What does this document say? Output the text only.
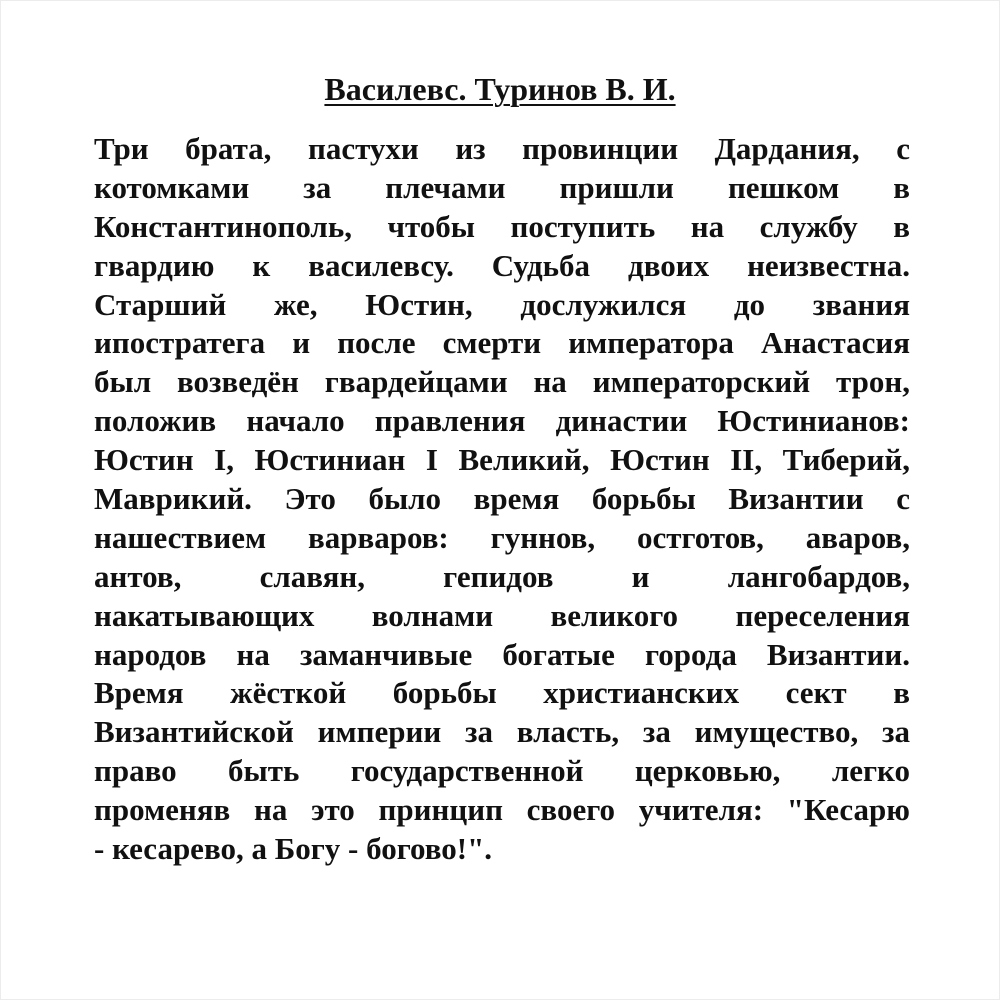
Василевс. Туринов В. И.
Три брата, пастухи из провинции Дардания, с
котомками за плечами пришли пешком в
Константинополь, чтобы поступить на службу в
гвардию к василевсу. Судьба двоих неизвестна.
Старший же, Юстин, дослужился до звания
ипостратега и после смерти императора Анастасия
был возведён гвардейцами на императорский трон,
положив начало правления династии Юстинианов:
Юстин I, Юстиниан I Великий, Юстин II, Тиберий,
Маврикий. Это было время борьбы Византии с
нашествием варваров: гуннов, остготов, аваров,
антов, славян, гепидов и лангобардов,
накатывающих волнами великого переселения
народов на заманчивые богатые города Византии.
Время жёсткой борьбы христианских сект в
Византийской империи за власть, за имущество, за
право быть государственной церковью, легко
променяв на это принцип своего учителя: "Кесарю
- кесарево, а Богу - богово!".
